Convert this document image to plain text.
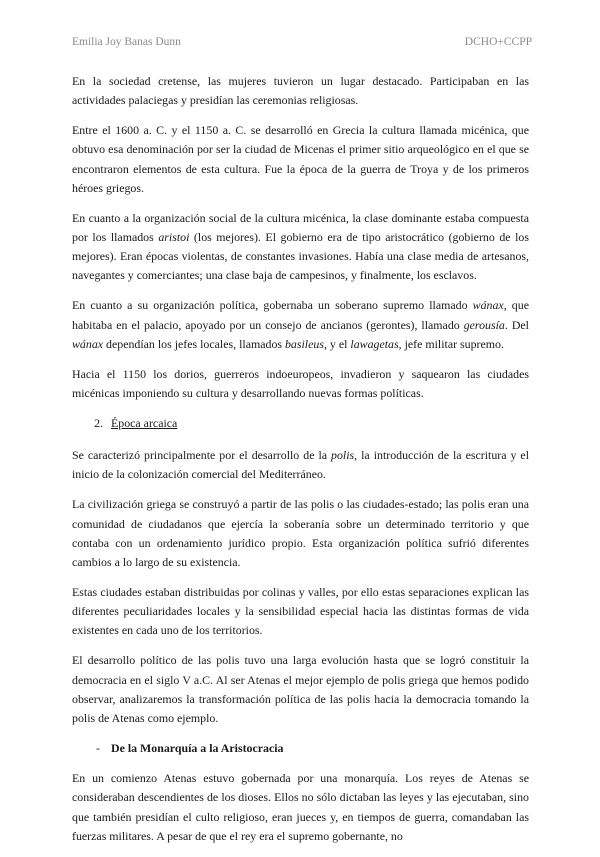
Emilia Joy Banas Dunn	DCHO+CCPP

En la sociedad cretense, las mujeres tuvieron un lugar destacado. Participaban en las actividades palaciegas y presidían las ceremonias religiosas.

Entre el 1600 a. C. y el 1150 a. C. se desarrolló en Grecia la cultura llamada micénica, que obtuvo esa denominación por ser la ciudad de Micenas el primer sitio arqueológico en el que se encontraron elementos de esta cultura. Fue la época de la guerra de Troya y de los primeros héroes griegos.

En cuanto a la organización social de la cultura micénica, la clase dominante estaba compuesta por los llamados aristoi (los mejores). El gobierno era de tipo aristocrático (gobierno de los mejores). Eran épocas violentas, de constantes invasiones. Había una clase media de artesanos, navegantes y comerciantes; una clase baja de campesinos, y finalmente, los esclavos.

En cuanto a su organización política, gobernaba un soberano supremo llamado wánax, que habitaba en el palacio, apoyado por un consejo de ancianos (gerontes), llamado gerousía. Del wánax dependían los jefes locales, llamados basileus, y el lawagetas, jefe militar supremo.

Hacia el 1150 los dorios, guerreros indoeuropeos, invadieron y saquearon las ciudades micénicas imponiendo su cultura y desarrollando nuevas formas políticas.

2. Época arcaica

Se caracterizó principalmente por el desarrollo de la polis, la introducción de la escritura y el inicio de la colonización comercial del Mediterráneo.

La civilización griega se construyó a partir de las polis o las ciudades-estado; las polis eran una comunidad de ciudadanos que ejercía la soberanía sobre un determinado territorio y que contaba con un ordenamiento jurídico propio. Esta organización política sufrió diferentes cambios a lo largo de su existencia.

Estas ciudades estaban distribuidas por colinas y valles, por ello estas separaciones explican las diferentes peculiaridades locales y la sensibilidad especial hacia las distintas formas de vida existentes en cada uno de los territorios.

El desarrollo político de las polis tuvo una larga evolución hasta que se logró constituir la democracia en el siglo V a.C. Al ser Atenas el mejor ejemplo de polis griega que hemos podido observar, analizaremos la transformación política de las polis hacia la democracia tomando la polis de Atenas como ejemplo.

- De la Monarquía a la Aristocracia

En un comienzo Atenas estuvo gobernada por una monarquía. Los reyes de Atenas se consideraban descendientes de los dioses. Ellos no sólo dictaban las leyes y las ejecutaban, sino que también presidían el culto religioso, eran jueces y, en tiempos de guerra, comandaban las fuerzas militares. A pesar de que el rey era el supremo gobernante, no
